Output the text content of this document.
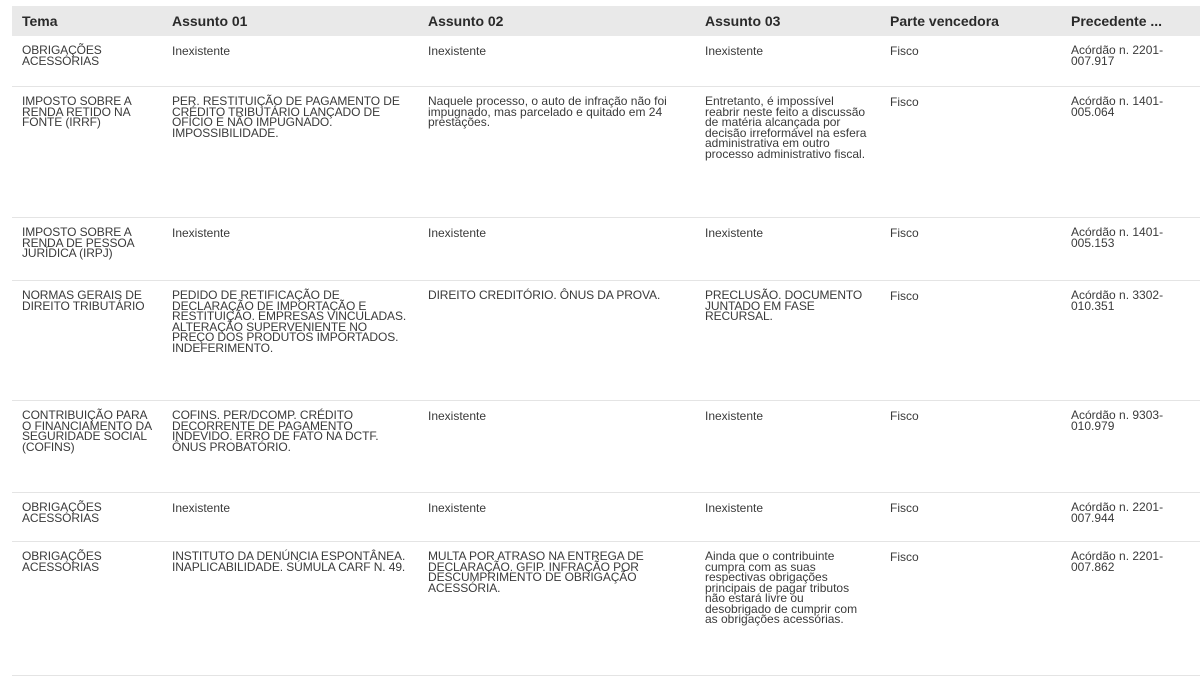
Tema	Assunto 01	Assunto 02	Assunto 03	Parte vencedora	Precedente ...
OBRIGAÇÕES ACESSÓRIAS	Inexistente	Inexistente	Inexistente	Fisco	Acórdão n. 2201-007.917
IMPOSTO SOBRE A RENDA RETIDO NA FONTE (IRRF)	PER. RESTITUIÇÃO DE PAGAMENTO DE CRÉDITO TRIBUTÁRIO LANÇADO DE OFÍCIO E NÃO IMPUGNADO. IMPOSSIBILIDADE.	Naquele processo, o auto de infração não foi impugnado, mas parcelado e quitado em 24 prestações.	Entretanto, é impossível reabrir neste feito a discussão de matéria alcançada por decisão irreformável na esfera administrativa em outro processo administrativo fiscal.	Fisco	Acórdão n. 1401-005.064
IMPOSTO SOBRE A RENDA DE PESSOA JURÍDICA (IRPJ)	Inexistente	Inexistente	Inexistente	Fisco	Acórdão n. 1401-005.153
NORMAS GERAIS DE DIREITO TRIBUTÁRIO	PEDIDO DE RETIFICAÇÃO DE DECLARAÇÃO DE IMPORTAÇÃO E RESTITUIÇÃO. EMPRESAS VINCULADAS. ALTERAÇÃO SUPERVENIENTE NO PREÇO DOS PRODUTOS IMPORTADOS. INDEFERIMENTO.	DIREITO CREDITÓRIO. ÔNUS DA PROVA.	PRECLUSÃO. DOCUMENTO JUNTADO EM FASE RECURSAL.	Fisco	Acórdão n. 3302-010.351
CONTRIBUIÇÃO PARA O FINANCIAMENTO DA SEGURIDADE SOCIAL (COFINS)	COFINS. PER/DCOMP. CRÉDITO DECORRENTE DE PAGAMENTO INDEVIDO. ERRO DE FATO NA DCTF. ÔNUS PROBATÓRIO.	Inexistente	Inexistente	Fisco	Acórdão n. 9303-010.979
OBRIGAÇÕES ACESSÓRIAS	Inexistente	Inexistente	Inexistente	Fisco	Acórdão n. 2201-007.944
OBRIGAÇÕES ACESSÓRIAS	INSTITUTO DA DENÚNCIA ESPONTÂNEA. INAPLICABILIDADE. SÚMULA CARF N. 49.	MULTA POR ATRASO NA ENTREGA DE DECLARAÇÃO. GFIP. INFRAÇÃO POR DESCUMPRIMENTO DE OBRIGAÇÃO ACESSÓRIA.	Ainda que o contribuinte cumpra com as suas respectivas obrigações principais de pagar tributos não estará livre ou desobrigado de cumprir com as obrigações acessórias.	Fisco	Acórdão n. 2201-007.862
